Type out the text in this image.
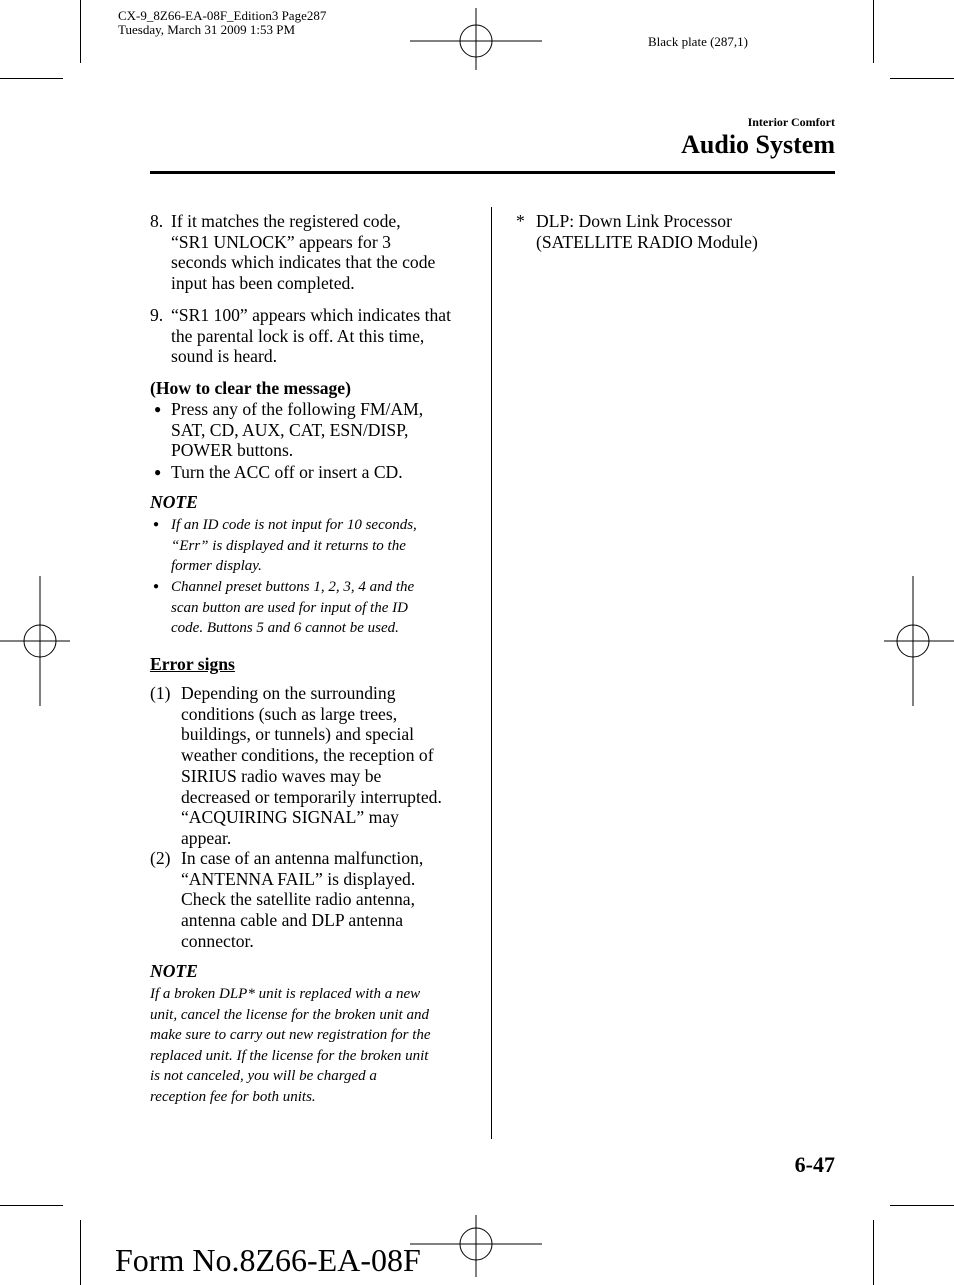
CX-9_8Z66-EA-08F_Edition3 Page287
Tuesday, March 31 2009 1:53 PM
Black plate (287,1)
Interior Comfort
Audio System
8. If it matches the registered code,
“SR1 UNLOCK” appears for 3
seconds which indicates that the code
input has been completed.
9. “SR1 100” appears which indicates that
the parental lock is off. At this time,
sound is heard.
(How to clear the message)
● Press any of the following FM/AM,
SAT, CD, AUX, CAT, ESN/DISP,
POWER buttons.
● Turn the ACC off or insert a CD.
NOTE
● If an ID code is not input for 10 seconds,
“Err” is displayed and it returns to the
former display.
● Channel preset buttons 1, 2, 3, 4 and the
scan button are used for input of the ID
code. Buttons 5 and 6 cannot be used.
Error signs
(1) Depending on the surrounding
conditions (such as large trees,
buildings, or tunnels) and special
weather conditions, the reception of
SIRIUS radio waves may be
decreased or temporarily interrupted.
“ACQUIRING SIGNAL” may
appear.
(2) In case of an antenna malfunction,
“ANTENNA FAIL” is displayed.
Check the satellite radio antenna,
antenna cable and DLP antenna
connector.
NOTE
If a broken DLP* unit is replaced with a new
unit, cancel the license for the broken unit and
make sure to carry out new registration for the
replaced unit. If the license for the broken unit
is not canceled, you will be charged a
reception fee for both units.
* DLP: Down Link Processor
(SATELLITE RADIO Module)
6-47
Form No.8Z66-EA-08F
